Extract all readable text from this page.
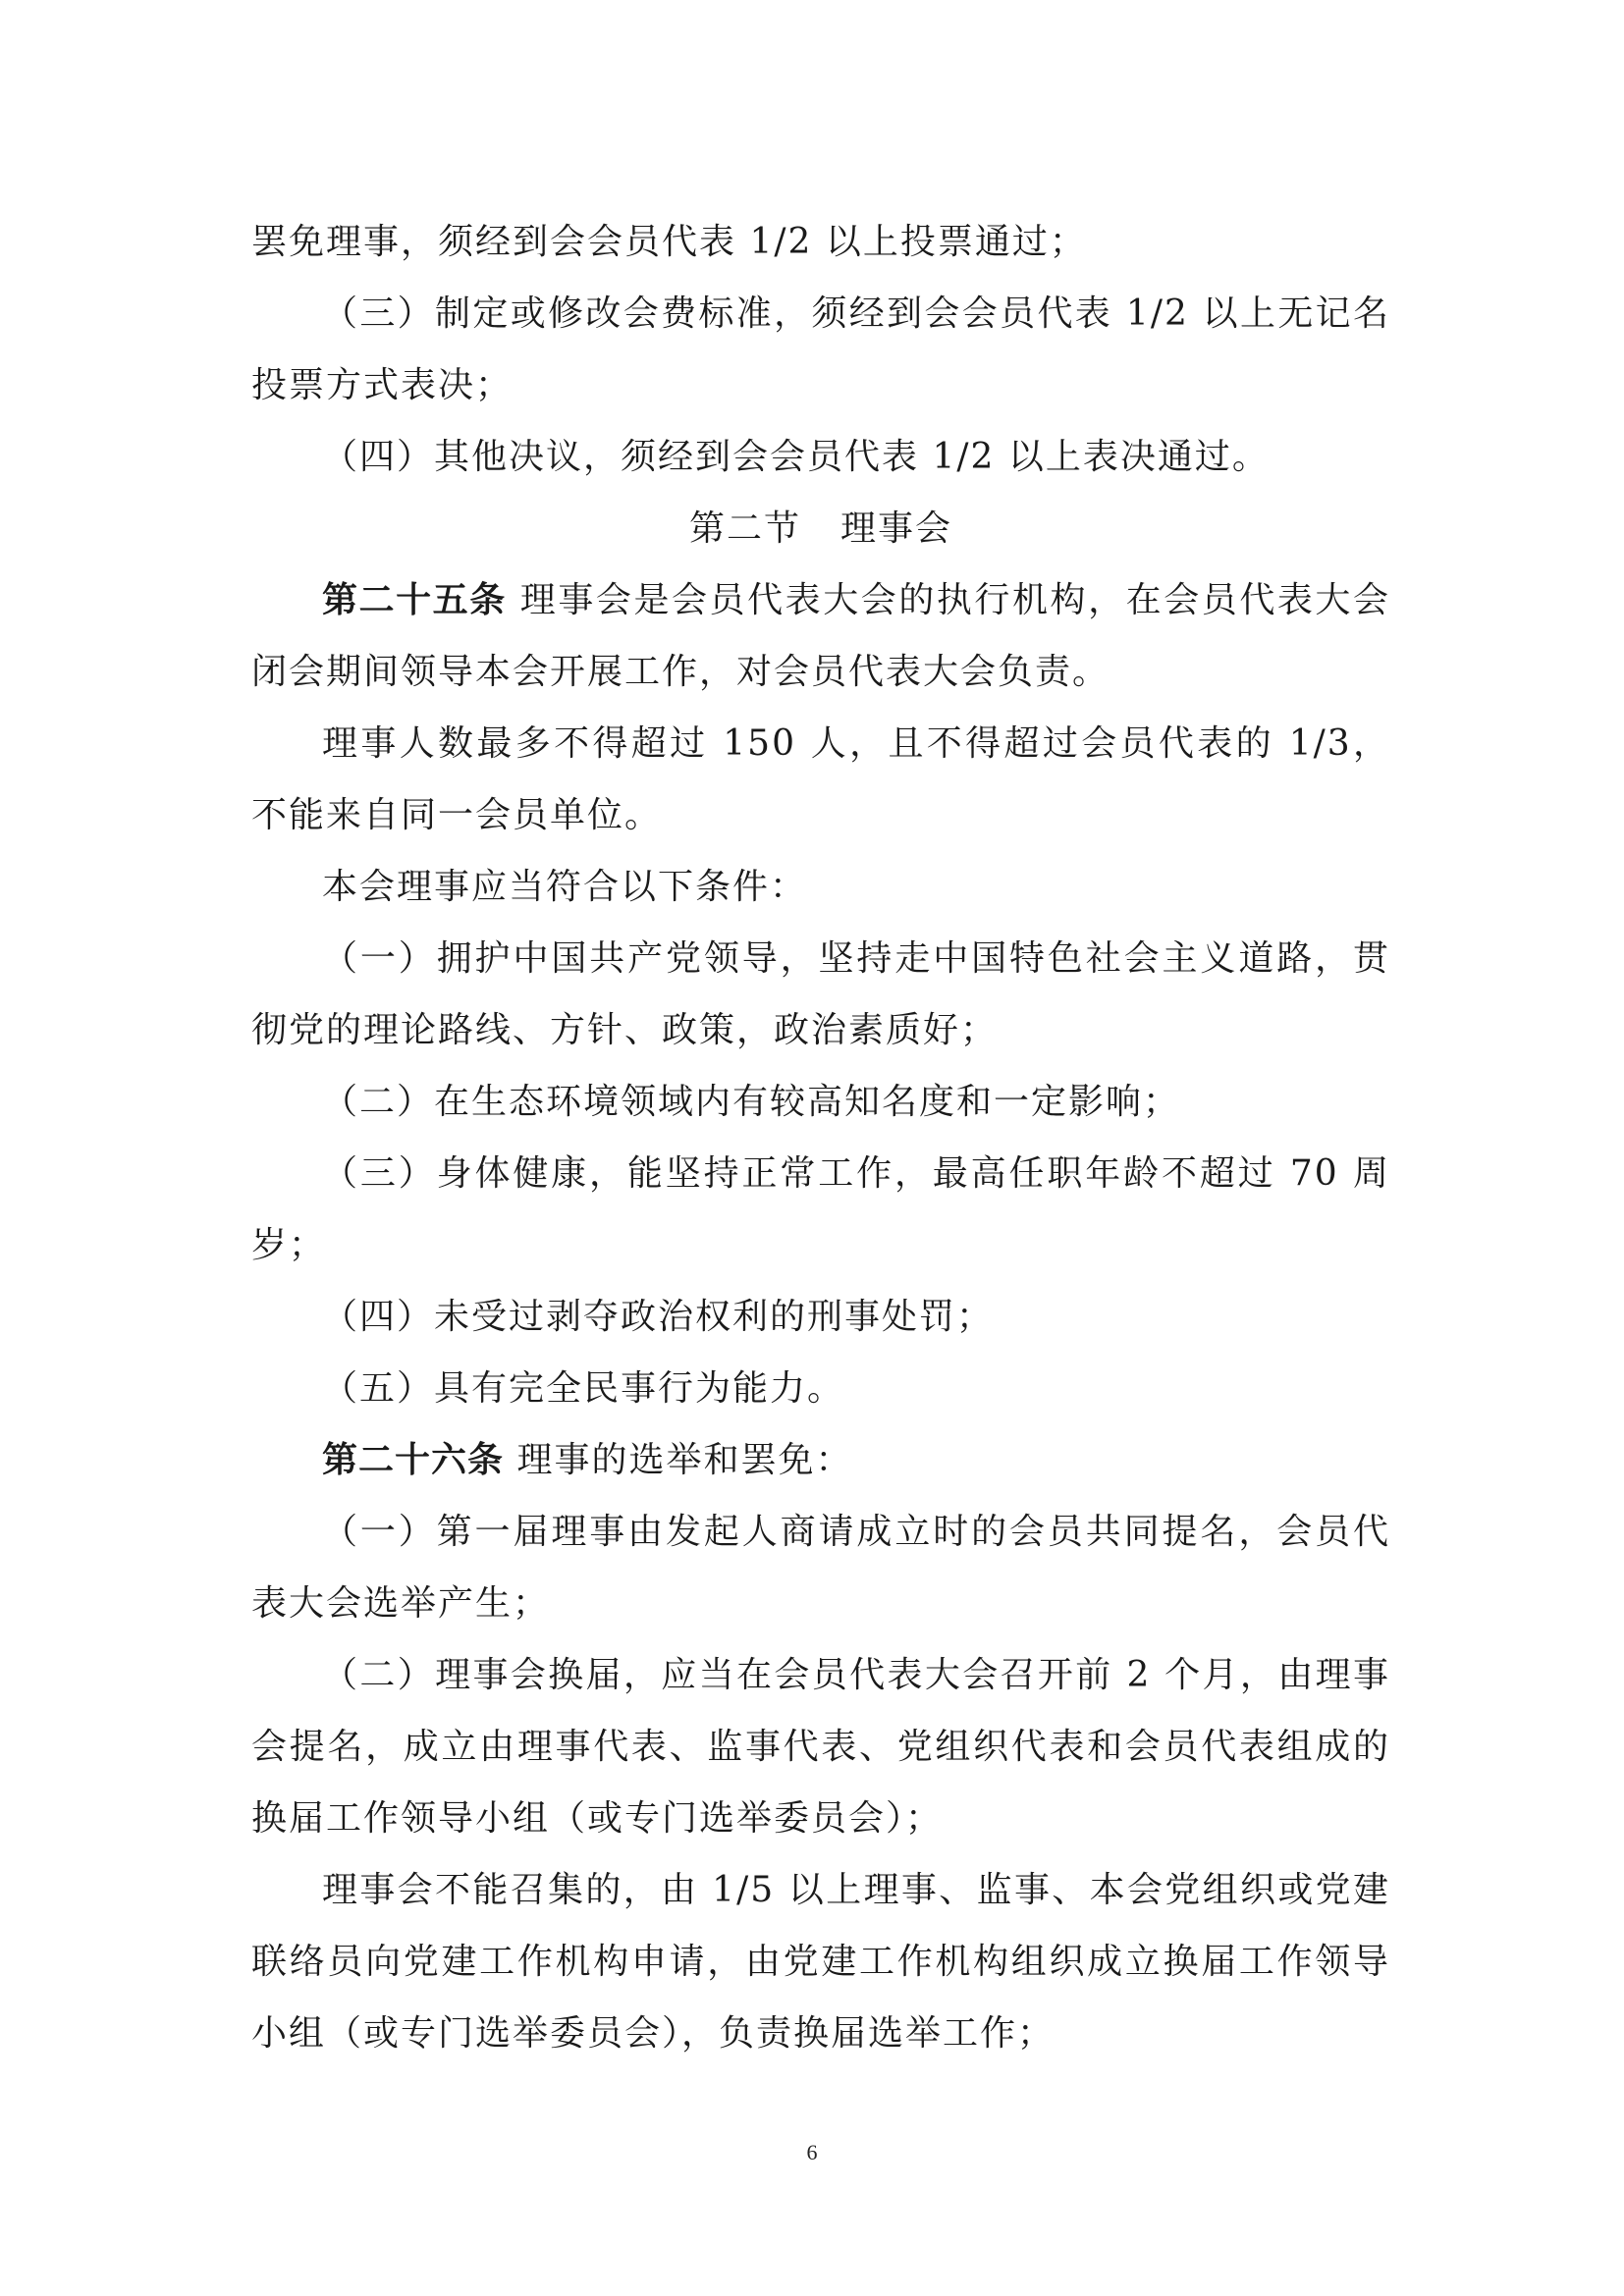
罢免理事，须经到会会员代表 1/2 以上投票通过；

（三）制定或修改会费标准，须经到会会员代表 1/2 以上无记名投票方式表决；

（四）其他决议，须经到会会员代表 1/2 以上表决通过。

第二节 理事会

第二十五条 理事会是会员代表大会的执行机构，在会员代表大会闭会期间领导本会开展工作，对会员代表大会负责。

理事人数最多不得超过 150 人，且不得超过会员代表的 1/3，不能来自同一会员单位。

本会理事应当符合以下条件：

（一）拥护中国共产党领导，坚持走中国特色社会主义道路，贯彻党的理论路线、方针、政策，政治素质好；

（二）在生态环境领域内有较高知名度和一定影响；

（三）身体健康，能坚持正常工作，最高任职年龄不超过 70 周岁；

（四）未受过剥夺政治权利的刑事处罚；

（五）具有完全民事行为能力。

第二十六条 理事的选举和罢免：

（一）第一届理事由发起人商请成立时的会员共同提名，会员代表大会选举产生；

（二）理事会换届，应当在会员代表大会召开前 2 个月，由理事会提名，成立由理事代表、监事代表、党组织代表和会员代表组成的换届工作领导小组（或专门选举委员会）；

理事会不能召集的，由 1/5 以上理事、监事、本会党组织或党建联络员向党建工作机构申请，由党建工作机构组织成立换届工作领导小组（或专门选举委员会），负责换届选举工作；

6
